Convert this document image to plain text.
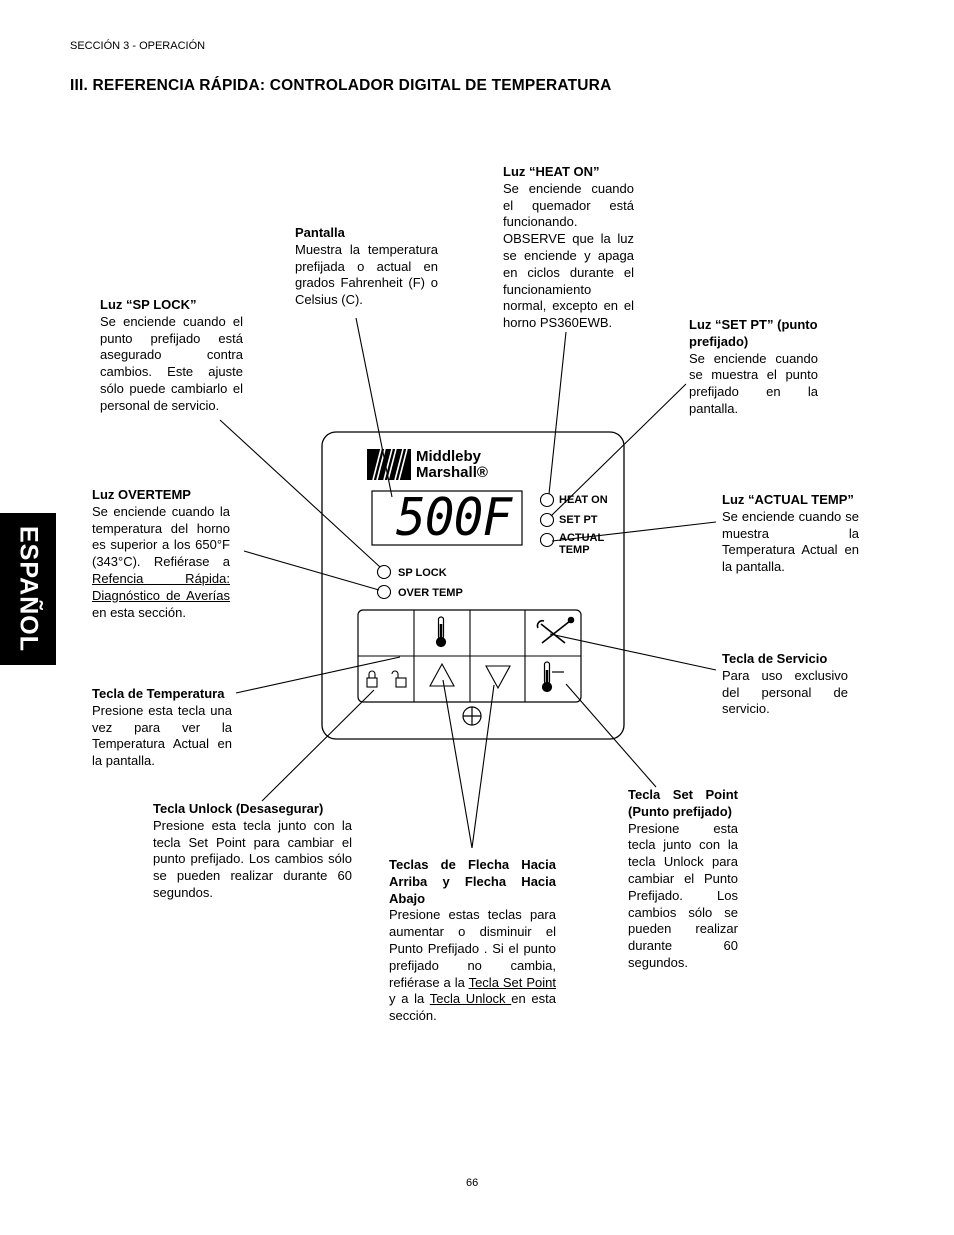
SECCIÓN 3 - OPERACIÓN
III. REFERENCIA RÁPIDA: CONTROLADOR DIGITAL DE TEMPERATURA
ESPAÑOL
Middleby
Marshall®
500F	HEAT ON
SET PT
ACTUAL
TEMP
SP LOCK
OVER TEMP
Luz “HEAT ON”
Se enciende cuando el quemador está funcionando. OBSERVE que la luz se enciende y apaga en ciclos durante el funcionamiento normal, excepto en el horno PS360EWB.
Pantalla
Muestra la temperatura prefijada o actual en grados Fahrenheit (F) o Celsius (C).
Luz “SP LOCK”
Se enciende cuando el punto prefijado está asegurado contra cambios. Este ajuste sólo puede cambiarlo el personal de servicio.
Luz “SET PT” (punto prefijado)
Se enciende cuando se muestra el punto prefijado en la pantalla.
Luz OVERTEMP
Se enciende cuando la temperatura del horno es superior a los 650°F (343°C). Refiérase a Refencia Rápida: Diagnóstico de Averías en esta sección.
Luz “ACTUAL TEMP”
Se enciende cuando se muestra la Temperatura Actual en la pantalla.
Tecla de Servicio
Para uso exclusivo del personal de servicio.
Tecla de Temperatura
Presione esta tecla una vez para ver la Temperatura Actual en la pantalla.
Tecla Unlock (Desasegurar)
Presione esta tecla junto con la tecla Set Point para cambiar el punto prefijado. Los cambios sólo se pueden realizar durante 60 segundos.
Tecla Set Point (Punto prefijado)
Presione esta tecla junto con la tecla Unlock para cambiar el Punto Prefijado. Los cambios sólo se pueden realizar durante 60 segundos.
Teclas de Flecha Hacia Arriba y Flecha Hacia Abajo
Presione estas teclas para aumentar o disminuir el Punto Prefijado . Si el punto prefijado no cambia, refiérase a la Tecla Set Point y a la Tecla Unlock en esta sección.
66
